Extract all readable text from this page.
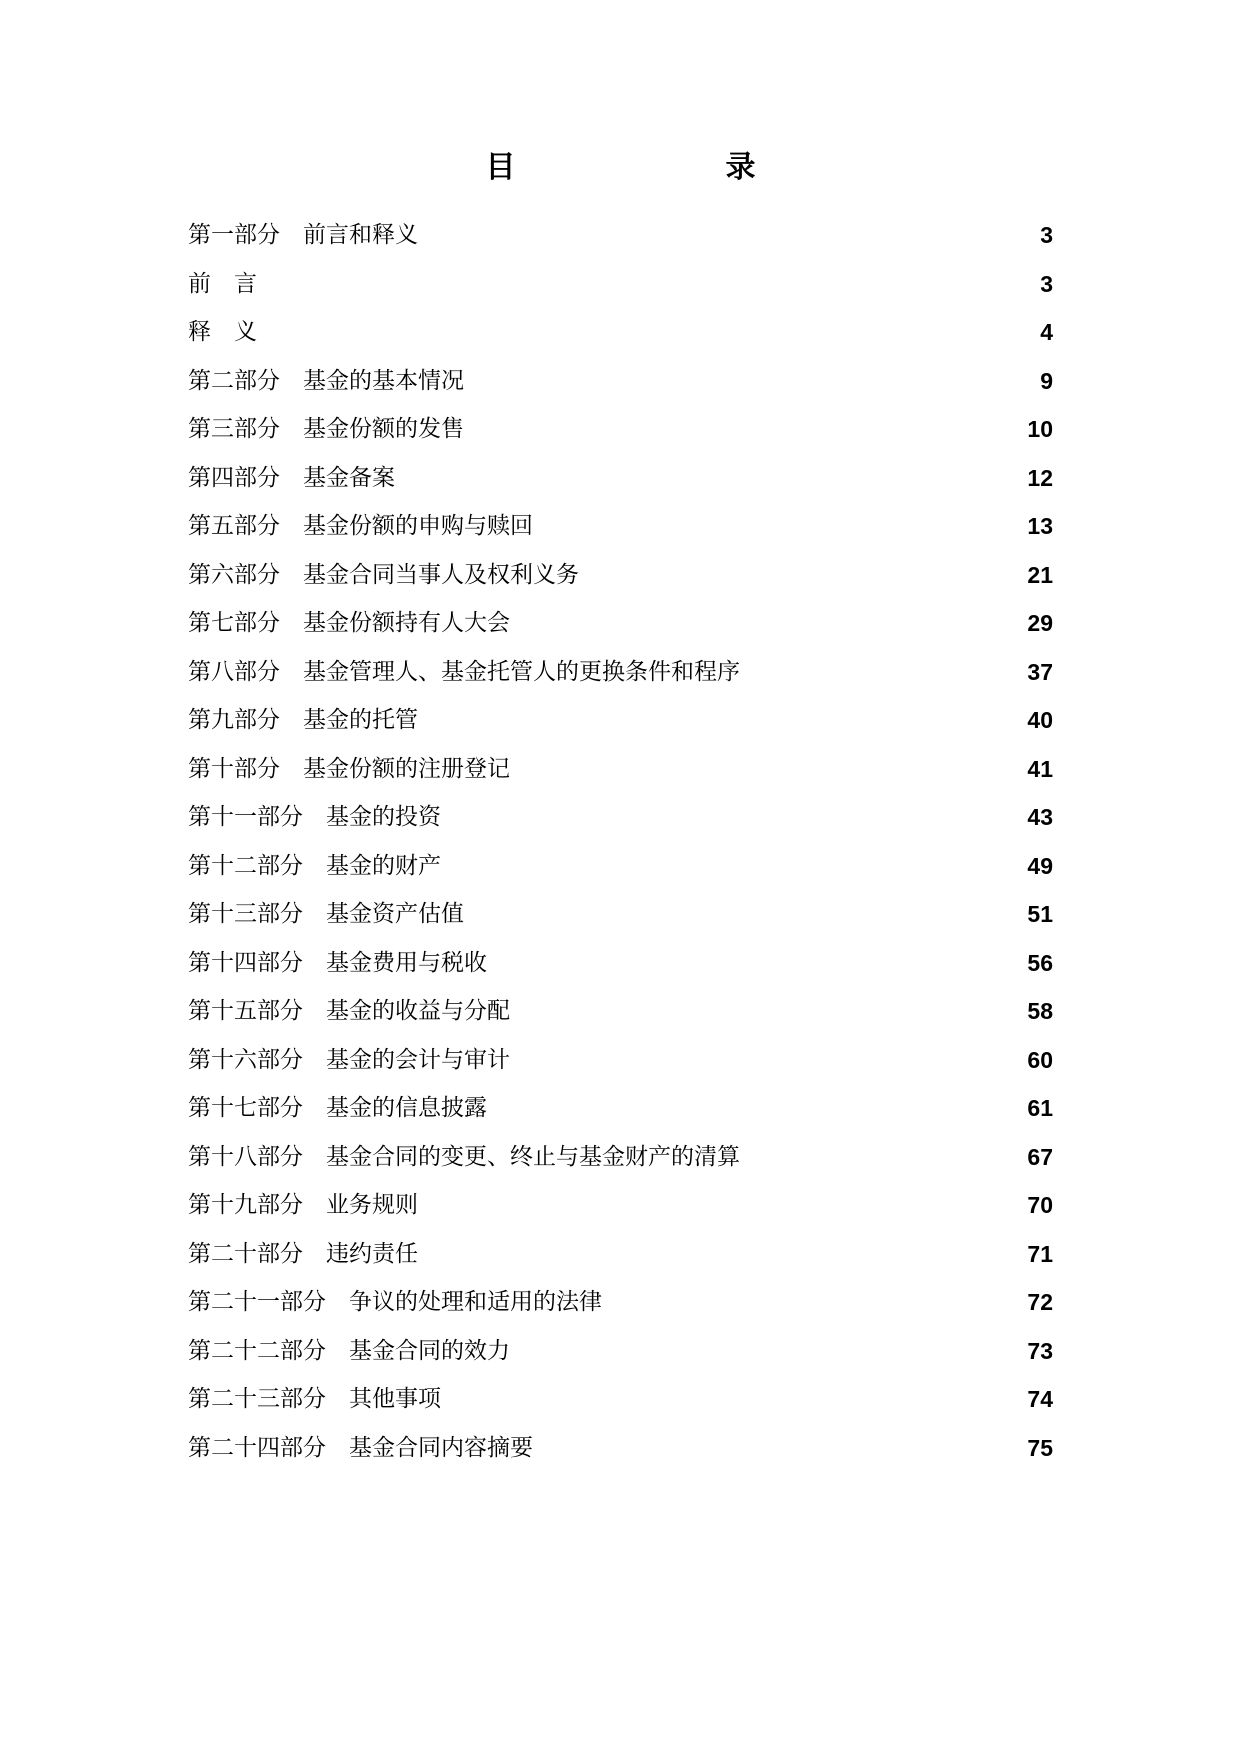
目　　录
第一部分　前言和释义	3
前　言	3
释　义	4
第二部分　基金的基本情况	9
第三部分　基金份额的发售	10
第四部分　基金备案	12
第五部分　基金份额的申购与赎回	13
第六部分　基金合同当事人及权利义务	21
第七部分　基金份额持有人大会	29
第八部分　基金管理人、基金托管人的更换条件和程序	37
第九部分　基金的托管	40
第十部分　基金份额的注册登记	41
第十一部分　基金的投资	43
第十二部分　基金的财产	49
第十三部分　基金资产估值	51
第十四部分　基金费用与税收	56
第十五部分　基金的收益与分配	58
第十六部分　基金的会计与审计	60
第十七部分　基金的信息披露	61
第十八部分　基金合同的变更、终止与基金财产的清算	67
第十九部分　业务规则	70
第二十部分　违约责任	71
第二十一部分　争议的处理和适用的法律	72
第二十二部分　基金合同的效力	73
第二十三部分　其他事项	74
第二十四部分　基金合同内容摘要	75
